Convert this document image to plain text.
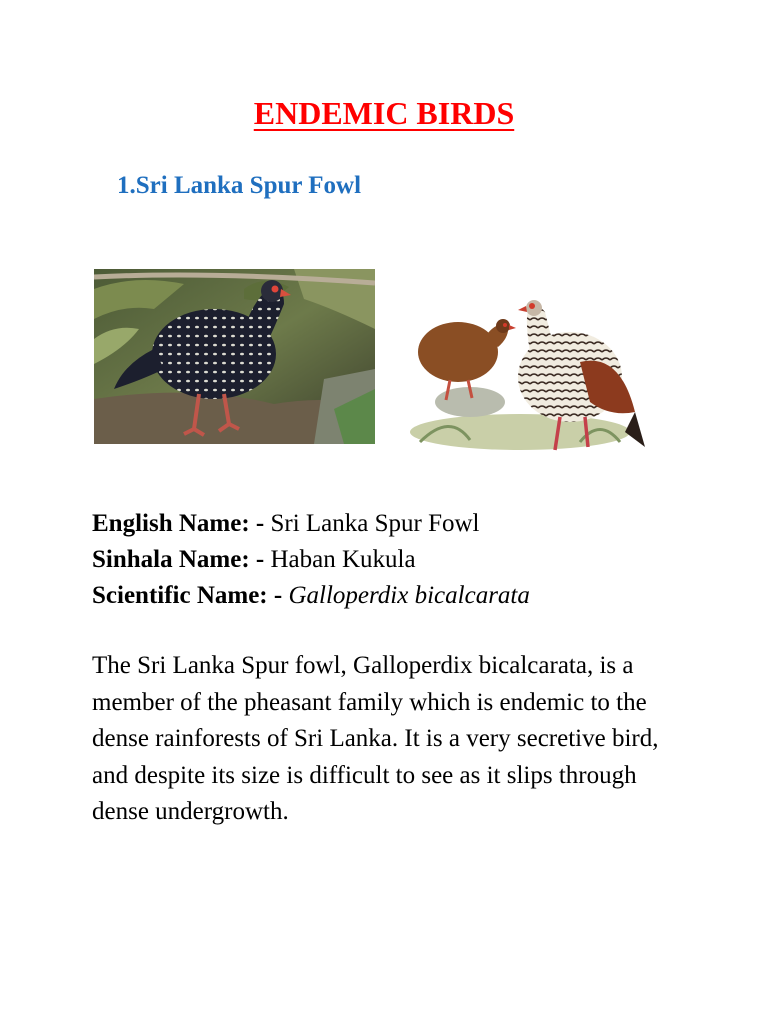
ENDEMIC BIRDS
1.Sri Lanka Spur Fowl
English Name: - Sri Lanka Spur Fowl
Sinhala Name: - Haban Kukula
Scientific Name: - Galloperdix bicalcarata

The Sri Lanka Spur fowl, Galloperdix bicalcarata, is a member of the pheasant family which is endemic to the dense rainforests of Sri Lanka. It is a very secretive bird, and despite its size is difficult to see as it slips through dense undergrowth.
